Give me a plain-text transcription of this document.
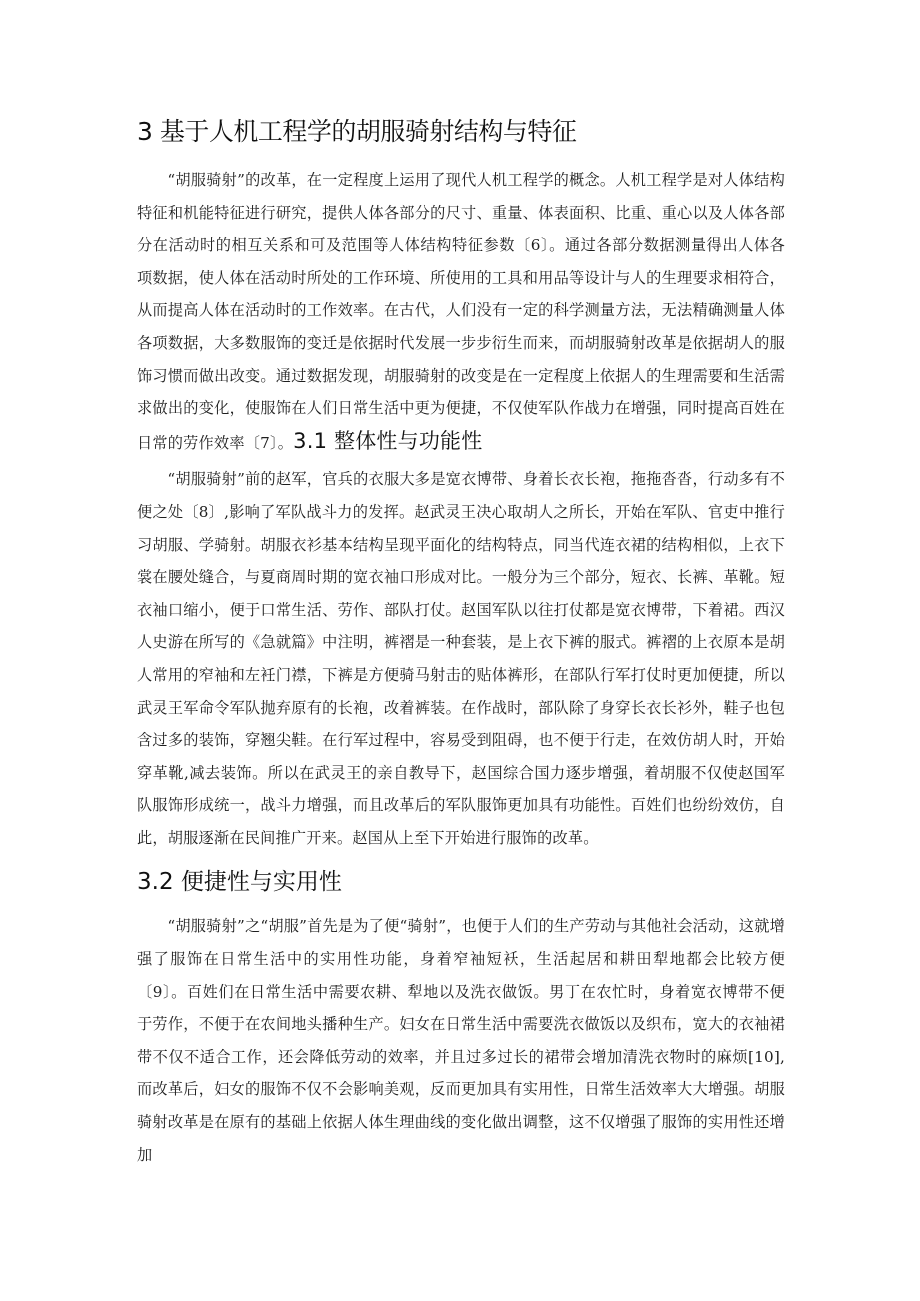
3 基于人机工程学的胡服骑射结构与特征

“胡服骑射”的改革，在一定程度上运用了现代人机工程学的概念。人机工程学是对人体结构特征和机能特征进行研究，提供人体各部分的尺寸、重量、体表面积、比重、重心以及人体各部分在活动时的相互关系和可及范围等人体结构特征参数〔6〕。通过各部分数据测量得出人体各项数据，使人体在活动时所处的工作环境、所使用的工具和用品等设计与人的生理要求相符合，从而提高人体在活动时的工作效率。在古代，人们没有一定的科学测量方法，无法精确测量人体各项数据，大多数服饰的变迁是依据时代发展一步步衍生而来，而胡服骑射改革是依据胡人的服饰习惯而做出改变。通过数据发现，胡服骑射的改变是在一定程度上依据人的生理需要和生活需求做出的变化，使服饰在人们日常生活中更为便捷，不仅使军队作战力在增强，同时提高百姓在日常的劳作效率〔7〕。3.1 整体性与功能性

“胡服骑射”前的赵军，官兵的衣服大多是宽衣博带、身着长衣长袍，拖拖沓沓，行动多有不便之处〔8〕,影响了军队战斗力的发挥。赵武灵王决心取胡人之所长，开始在军队、官吏中推行习胡服、学骑射。胡服衣衫基本结构呈现平面化的结构特点，同当代连衣裙的结构相似，上衣下裳在腰处缝合，与夏商周时期的宽衣袖口形成对比。一般分为三个部分，短衣、长裤、革靴。短衣袖口缩小，便于口常生活、劳作、部队打仗。赵国军队以往打仗都是宽衣博带，下着裙。西汉人史游在所写的《急就篇》中注明，裤褶是一种套装，是上衣下裤的服式。裤褶的上衣原本是胡人常用的窄袖和左衽门襟，下裤是方便骑马射击的贴体裤形，在部队行军打仗时更加便捷，所以武灵王军命令军队抛弃原有的长袍，改着裤装。在作战时，部队除了身穿长衣长衫外，鞋子也包含过多的装饰，穿翘尖鞋。在行军过程中，容易受到阻碍，也不便于行走，在效仿胡人时，开始穿革靴,减去装饰。所以在武灵王的亲自教导下，赵国综合国力逐步增强，着胡服不仅使赵国军队服饰形成统一，战斗力增强，而且改革后的军队服饰更加具有功能性。百姓们也纷纷效仿，自此，胡服逐渐在民间推广开来。赵国从上至下开始进行服饰的改革。

3.2 便捷性与实用性

“胡服骑射”之“胡服”首先是为了便“骑射”，也便于人们的生产劳动与其他社会活动，这就增强了服饰在日常生活中的实用性功能，身着窄袖短袄，生活起居和耕田犁地都会比较方便〔9〕。百姓们在日常生活中需要农耕、犁地以及洗衣做饭。男丁在农忙时，身着宽衣博带不便于劳作，不便于在农间地头播种生产。妇女在日常生活中需要洗衣做饭以及织布，宽大的衣袖裙带不仅不适合工作，还会降低劳动的效率，并且过多过长的裙带会增加清洗衣物时的麻烦[10],而改革后，妇女的服饰不仅不会影响美观，反而更加具有实用性，日常生活效率大大增强。胡服骑射改革是在原有的基础上依据人体生理曲线的变化做出调整，这不仅增强了服饰的实用性还增加
